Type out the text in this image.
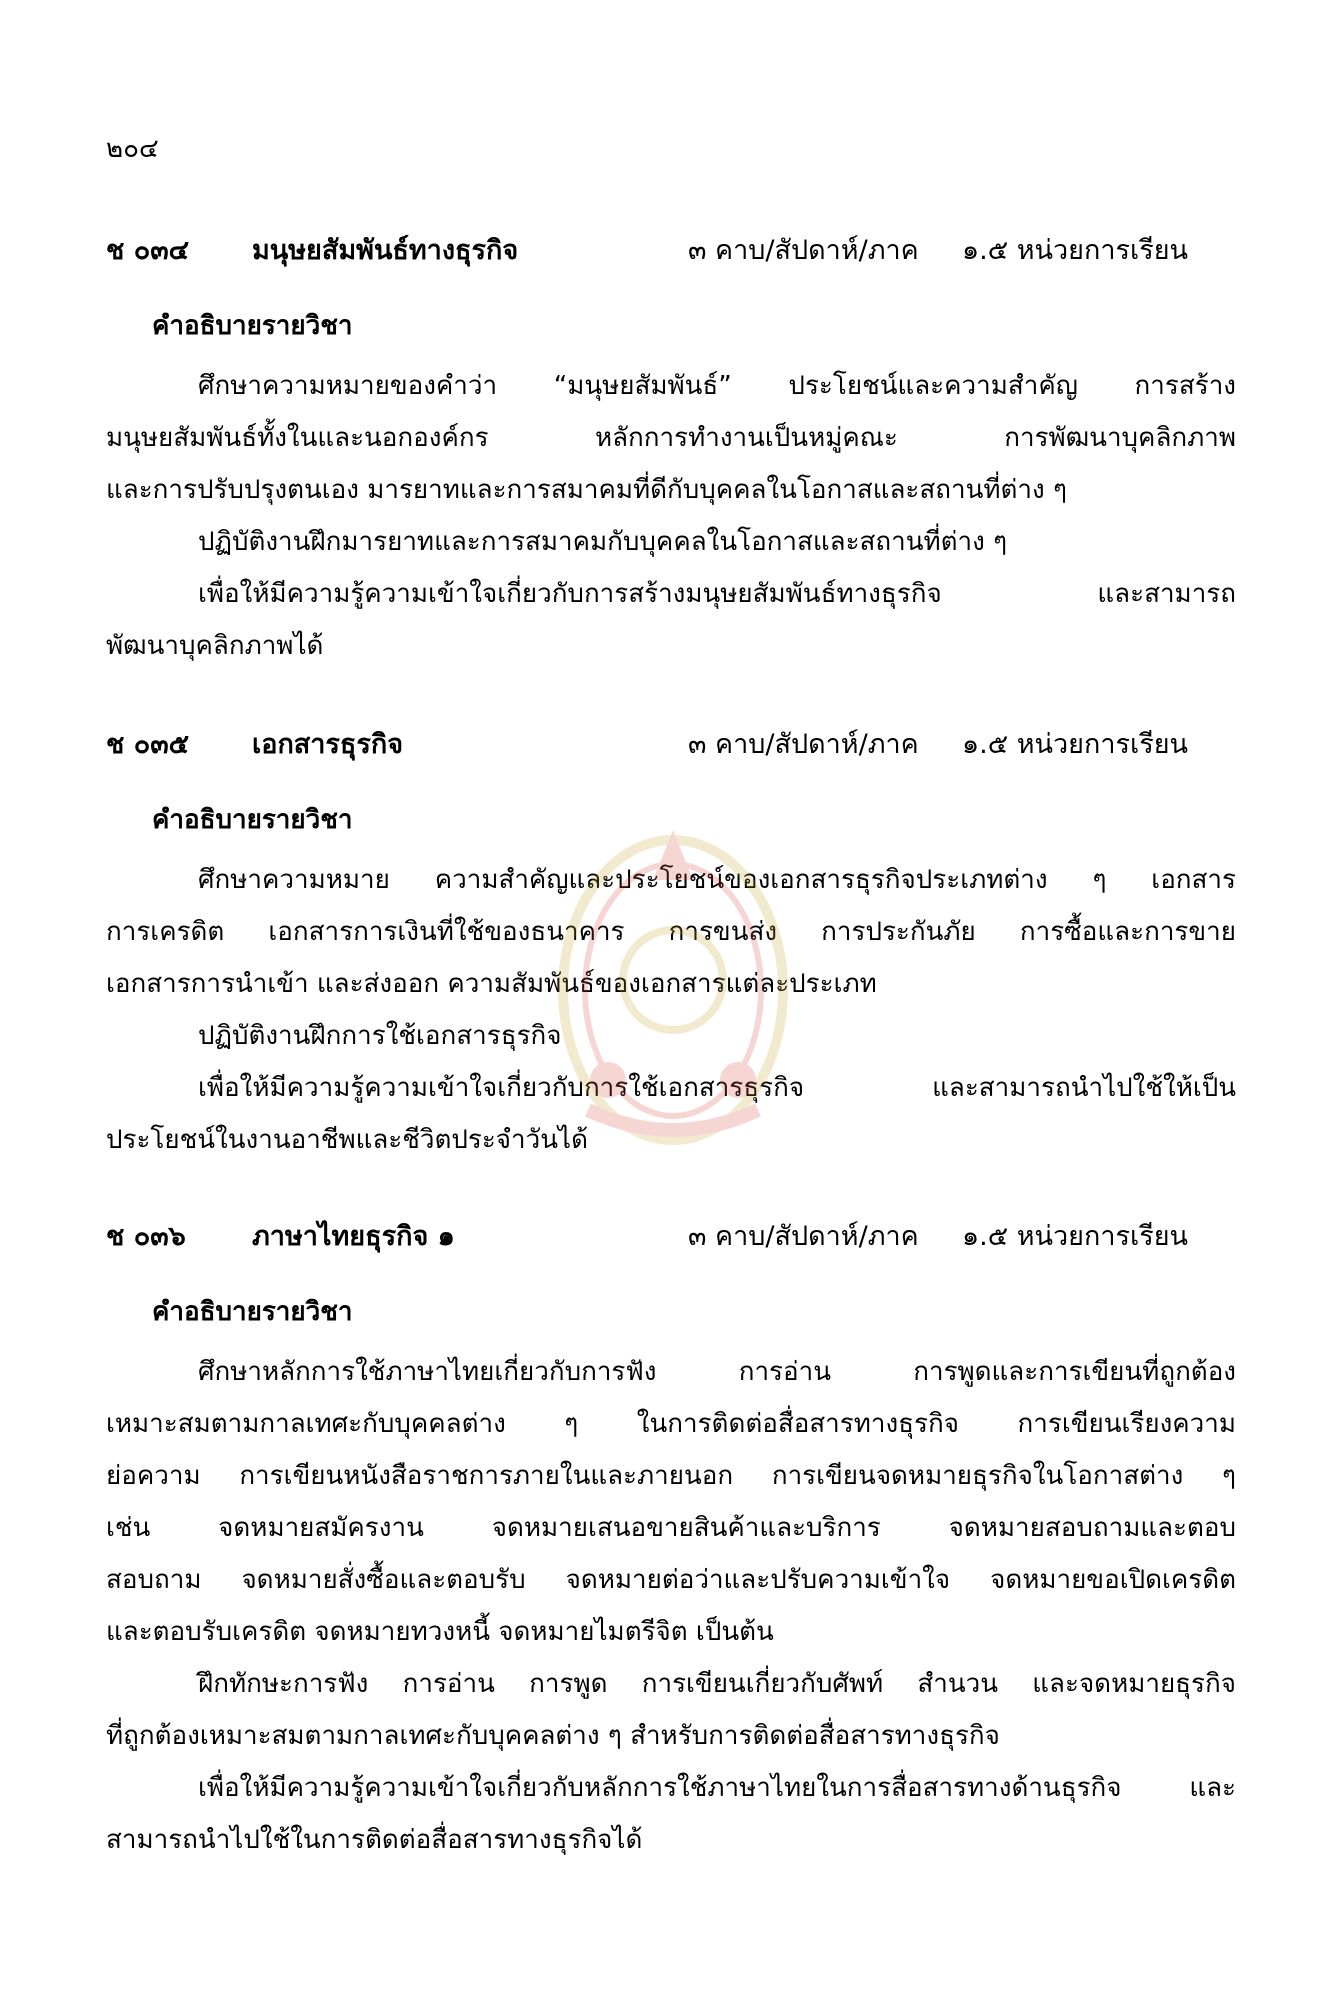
๒๐๔
ช ๐๓๔ มนุษยสัมพันธ์ทางธุรกิจ	๓ คาบ/สัปดาห์/ภาค ๑.๕ หน่วยการเรียน
คำอธิบายรายวิชา
ศึกษาความหมายของคำว่า “มนุษยสัมพันธ์” ประโยชน์และความสำคัญ การสร้าง
มนุษยสัมพันธ์ทั้งในและนอกองค์กร หลักการทำงานเป็นหมู่คณะ การพัฒนาบุคลิกภาพ
และการปรับปรุงตนเอง มารยาทและการสมาคมที่ดีกับบุคคลในโอกาสและสถานที่ต่าง ๆ
ปฏิบัติงานฝึกมารยาทและการสมาคมกับบุคคลในโอกาสและสถานที่ต่าง ๆ
เพื่อให้มีความรู้ความเข้าใจเกี่ยวกับการสร้างมนุษยสัมพันธ์ทางธุรกิจ และสามารถ
พัฒนาบุคลิกภาพได้
ช ๐๓๕ เอกสารธุรกิจ	๓ คาบ/สัปดาห์/ภาค ๑.๕ หน่วยการเรียน
คำอธิบายรายวิชา
ศึกษาความหมาย ความสำคัญและประโยชน์ของเอกสารธุรกิจประเภทต่าง ๆ เอกสาร
การเครดิต เอกสารการเงินที่ใช้ของธนาคาร การขนส่ง การประกันภัย การซื้อและการขาย
เอกสารการนำเข้า และส่งออก ความสัมพันธ์ของเอกสารแต่ละประเภท
ปฏิบัติงานฝึกการใช้เอกสารธุรกิจ
เพื่อให้มีความรู้ความเข้าใจเกี่ยวกับการใช้เอกสารธุรกิจ และสามารถนำไปใช้ให้เป็น
ประโยชน์ในงานอาชีพและชีวิตประจำวันได้
ช ๐๓๖ ภาษาไทยธุรกิจ ๑	๓ คาบ/สัปดาห์/ภาค ๑.๕ หน่วยการเรียน
คำอธิบายรายวิชา
ศึกษาหลักการใช้ภาษาไทยเกี่ยวกับการฟัง การอ่าน การพูดและการเขียนที่ถูกต้อง
เหมาะสมตามกาลเทศะกับบุคคลต่าง ๆ ในการติดต่อสื่อสารทางธุรกิจ การเขียนเรียงความ
ย่อความ การเขียนหนังสือราชการภายในและภายนอก การเขียนจดหมายธุรกิจในโอกาสต่าง ๆ
เช่น จดหมายสมัครงาน จดหมายเสนอขายสินค้าและบริการ จดหมายสอบถามและตอบ
สอบถาม จดหมายสั่งซื้อและตอบรับ จดหมายต่อว่าและปรับความเข้าใจ จดหมายขอเปิดเครดิต
และตอบรับเครดิต จดหมายทวงหนี้ จดหมายไมตรีจิต เป็นต้น
ฝึกทักษะการฟัง การอ่าน การพูด การเขียนเกี่ยวกับศัพท์ สำนวน และจดหมายธุรกิจ
ที่ถูกต้องเหมาะสมตามกาลเทศะกับบุคคลต่าง ๆ สำหรับการติดต่อสื่อสารทางธุรกิจ
เพื่อให้มีความรู้ความเข้าใจเกี่ยวกับหลักการใช้ภาษาไทยในการสื่อสารทางด้านธุรกิจ และ
สามารถนำไปใช้ในการติดต่อสื่อสารทางธุรกิจได้
